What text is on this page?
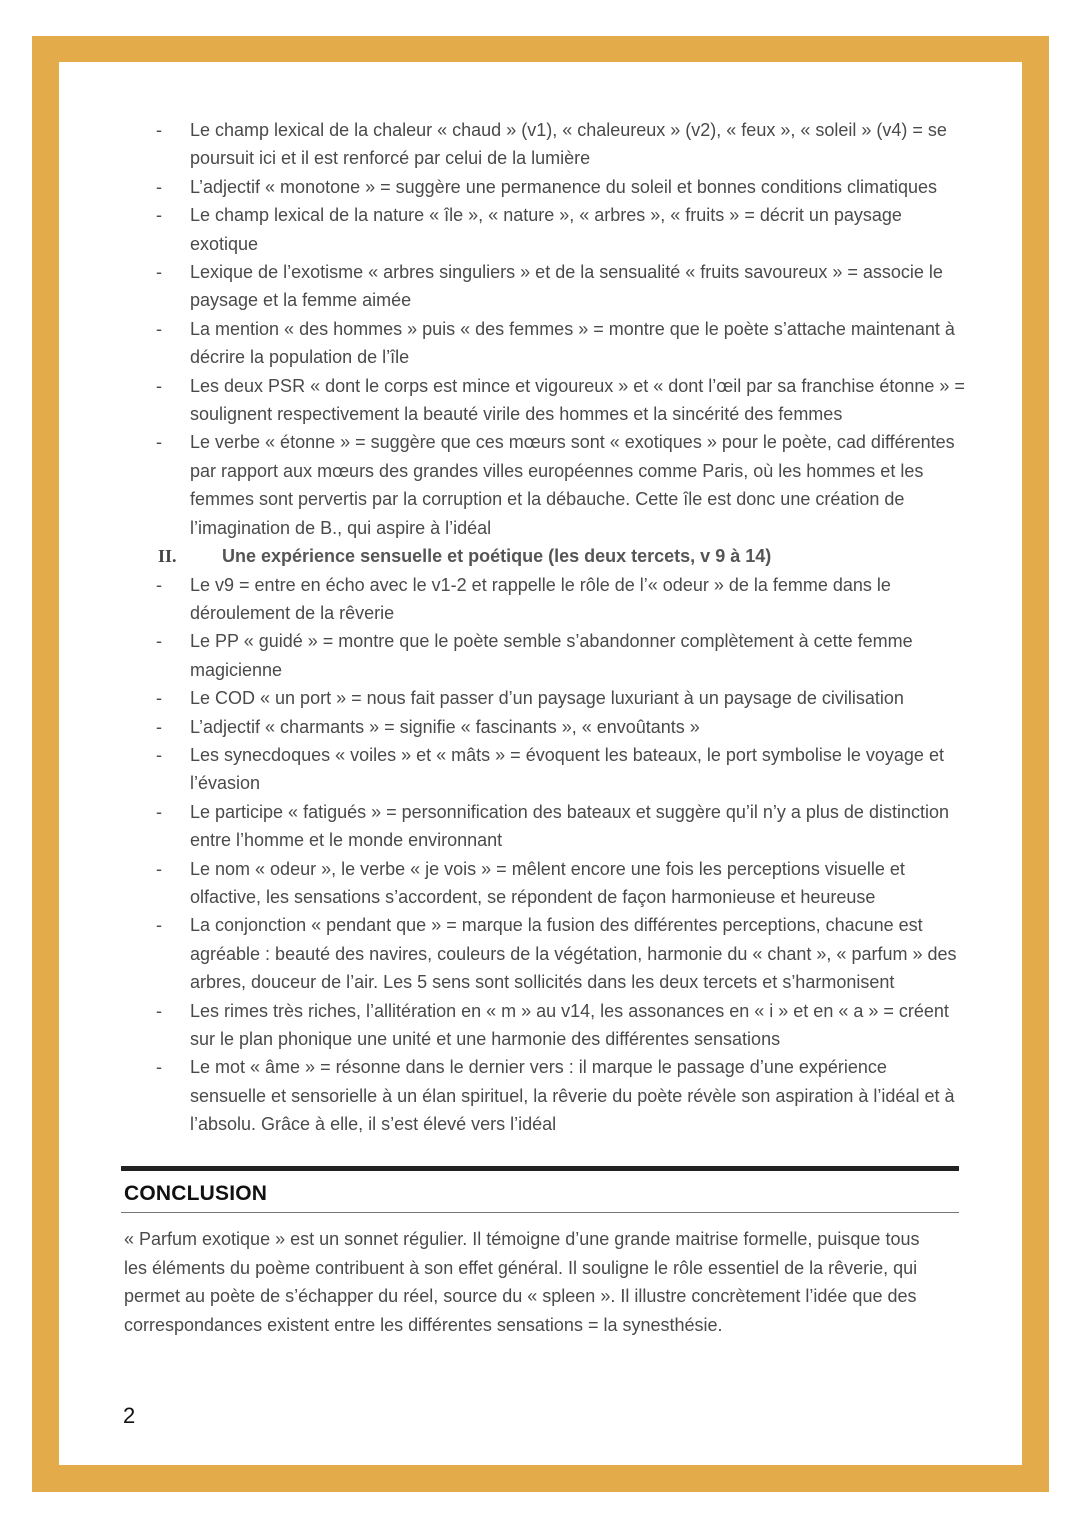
-	Le champ lexical de la chaleur « chaud » (v1), « chaleureux » (v2), « feux », « soleil » (v4) = se poursuit ici et il est renforcé par celui de la lumière
-	L’adjectif « monotone » = suggère une permanence du soleil et bonnes conditions climatiques
-	Le champ lexical de la nature « île », « nature », « arbres », « fruits » = décrit un paysage exotique
-	Lexique de l’exotisme « arbres singuliers » et de la sensualité « fruits savoureux » = associe le paysage et la femme aimée
-	La mention « des hommes » puis « des femmes » = montre que le poète s’attache maintenant à décrire la population de l’île
-	Les deux PSR « dont le corps est mince et vigoureux » et « dont l’œil par sa franchise étonne » = soulignent respectivement la beauté virile des hommes et la sincérité des femmes
-	Le verbe « étonne » = suggère que ces mœurs sont « exotiques » pour le poète, cad différentes par rapport aux mœurs des grandes villes européennes comme Paris, où les hommes et les femmes sont pervertis par la corruption et la débauche. Cette île est donc une création de l’imagination de B., qui aspire à l’idéal
II.	Une expérience sensuelle et poétique (les deux tercets, v 9 à 14)
-	Le v9 = entre en écho avec le v1-2 et rappelle le rôle de l’« odeur » de la femme dans le déroulement de la rêverie
-	Le PP « guidé » = montre que le poète semble s’abandonner complètement à cette femme magicienne
-	Le COD « un port » = nous fait passer d’un paysage luxuriant à un paysage de civilisation
-	L’adjectif « charmants » = signifie « fascinants », « envoûtants »
-	Les synecdoques « voiles » et « mâts » = évoquent les bateaux, le port symbolise le voyage et l’évasion
-	Le participe « fatigués » = personnification des bateaux et suggère qu’il n’y a plus de distinction entre l’homme et le monde environnant
-	Le nom « odeur », le verbe « je vois » = mêlent encore une fois les perceptions visuelle et olfactive, les sensations s’accordent, se répondent de façon harmonieuse et heureuse
-	La conjonction « pendant que » = marque la fusion des différentes perceptions, chacune est agréable : beauté des navires, couleurs de la végétation, harmonie du « chant », « parfum » des arbres, douceur de l’air. Les 5 sens sont sollicités dans les deux tercets et s’harmonisent
-	Les rimes très riches, l’allitération en « m » au v14, les assonances en « i » et en « a » = créent sur le plan phonique une unité et une harmonie des différentes sensations
-	Le mot « âme » = résonne dans le dernier vers : il marque le passage d’une expérience sensuelle et sensorielle à un élan spirituel, la rêverie du poète révèle son aspiration à l’idéal et à l’absolu. Grâce à elle, il s’est élevé vers l’idéal
CONCLUSION

« Parfum exotique » est un sonnet régulier. Il témoigne d’une grande maitrise formelle, puisque tous les éléments du poème contribuent à son effet général. Il souligne le rôle essentiel de la rêverie, qui permet au poète de s’échapper du réel, source du « spleen ». Il illustre concrètement l’idée que des correspondances existent entre les différentes sensations = la synesthésie.

2
